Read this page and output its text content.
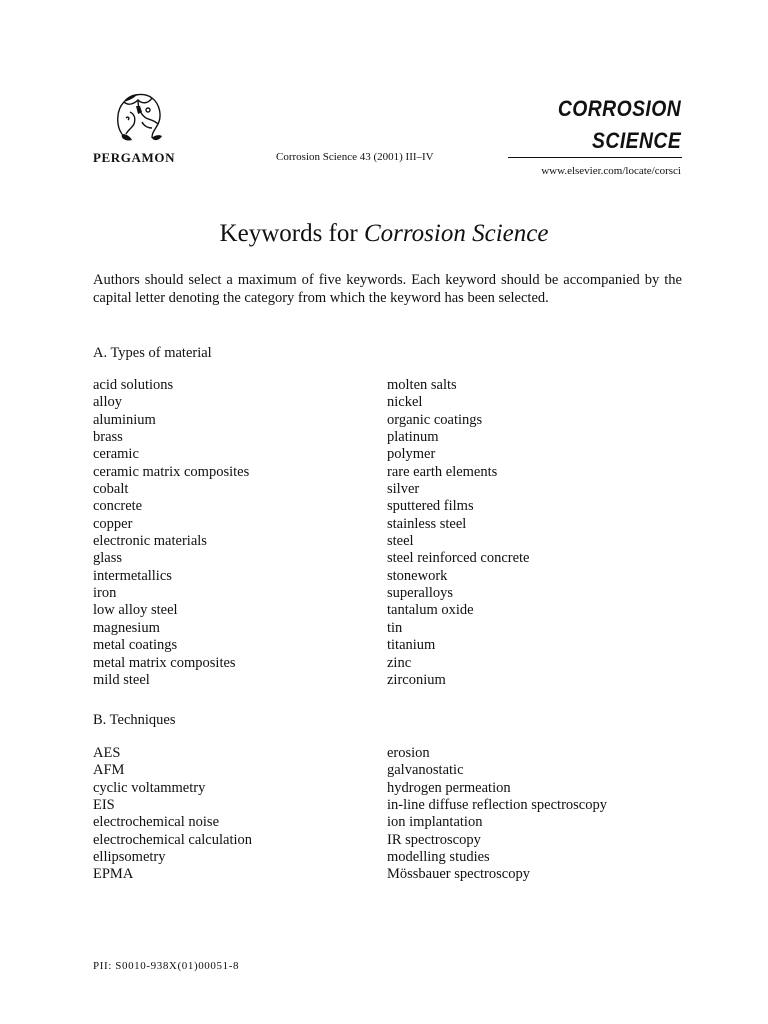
PERGAMON	Corrosion Science 43 (2001) III–IV
CORROSION
SCIENCE
www.elsevier.com/locate/corsci
Keywords for Corrosion Science
Authors should select a maximum of five keywords. Each keyword should be accompanied by the capital letter denoting the category from which the keyword has been selected.
A. Types of material
acid solutions
alloy
aluminium
brass
ceramic
ceramic matrix composites
cobalt
concrete
copper
electronic materials
glass
intermetallics
iron
low alloy steel
magnesium
metal coatings
metal matrix composites
mild steel
molten salts
nickel
organic coatings
platinum
polymer
rare earth elements
silver
sputtered films
stainless steel
steel
steel reinforced concrete
stonework
superalloys
tantalum oxide
tin
titanium
zinc
zirconium
B. Techniques
AES
AFM
cyclic voltammetry
EIS
electrochemical noise
electrochemical calculation
ellipsometry
EPMA
erosion
galvanostatic
hydrogen permeation
in-line diffuse reflection spectroscopy
ion implantation
IR spectroscopy
modelling studies
Mössbauer spectroscopy
PII: S0010-938X(01)00051-8
